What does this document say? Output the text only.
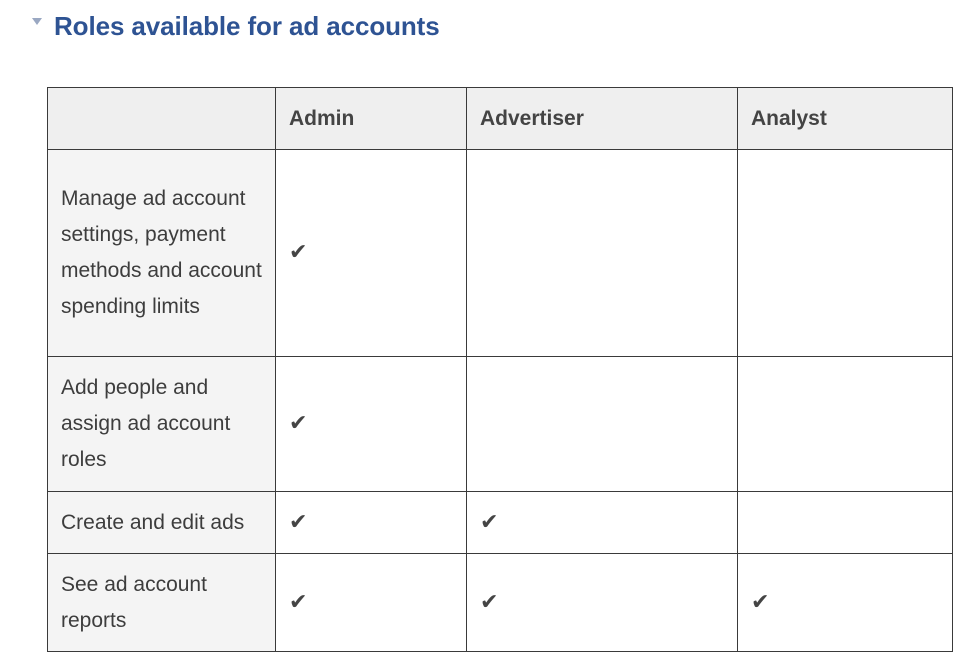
Roles available for ad accounts
	Admin	Advertiser	Analyst
Manage ad account settings, payment methods and account spending limits	✔		
Add people and assign ad account roles	✔		
Create and edit ads	✔	✔	
See ad account reports	✔	✔	✔
